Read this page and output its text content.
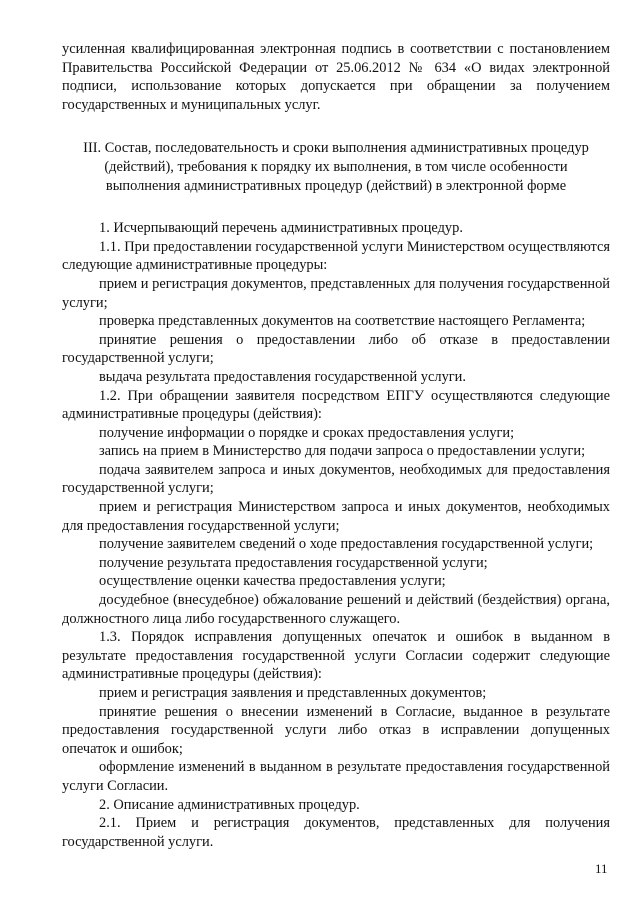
усиленная квалифицированная электронная подпись в соответствии с постановлением Правительства Российской Федерации от 25.06.2012 № 634 «О видах электронной подписи, использование которых допускается при обращении за получением государственных и муниципальных услуг.

III. Состав, последовательность и сроки выполнения административных процедур
(действий), требования к порядку их выполнения, в том числе особенности
выполнения административных процедур (действий) в электронной форме

1. Исчерпывающий перечень административных процедур.

1.1. При предоставлении государственной услуги Министерством осуществляются следующие административные процедуры:

прием и регистрация документов, представленных для получения государственной услуги;

проверка представленных документов на соответствие настоящего Регламента;

принятие решения о предоставлении либо об отказе в предоставлении государственной услуги;

выдача результата предоставления государственной услуги.

1.2. При обращении заявителя посредством ЕПГУ осуществляются следующие административные процедуры (действия):

получение информации о порядке и сроках предоставления услуги;

запись на прием в Министерство для подачи запроса о предоставлении услуги;

подача заявителем запроса и иных документов, необходимых для предоставления государственной услуги;

прием и регистрация Министерством запроса и иных документов, необходимых для предоставления государственной услуги;

получение заявителем сведений о ходе предоставления государственной услуги;

получение результата предоставления государственной услуги;

осуществление оценки качества предоставления услуги;

досудебное (внесудебное) обжалование решений и действий (бездействия) органа, должностного лица либо государственного служащего.

1.3. Порядок исправления допущенных опечаток и ошибок в выданном в результате предоставления государственной услуги Согласии содержит следующие административные процедуры (действия):

прием и регистрация заявления и представленных документов;

принятие решения о внесении изменений в Согласие, выданное в результате предоставления государственной услуги либо отказ в исправлении допущенных опечаток и ошибок;

оформление изменений в выданном в результате предоставления государственной услуги Согласии.

2. Описание административных процедур.

2.1. Прием и регистрация документов, представленных для получения государственной услуги.

11
